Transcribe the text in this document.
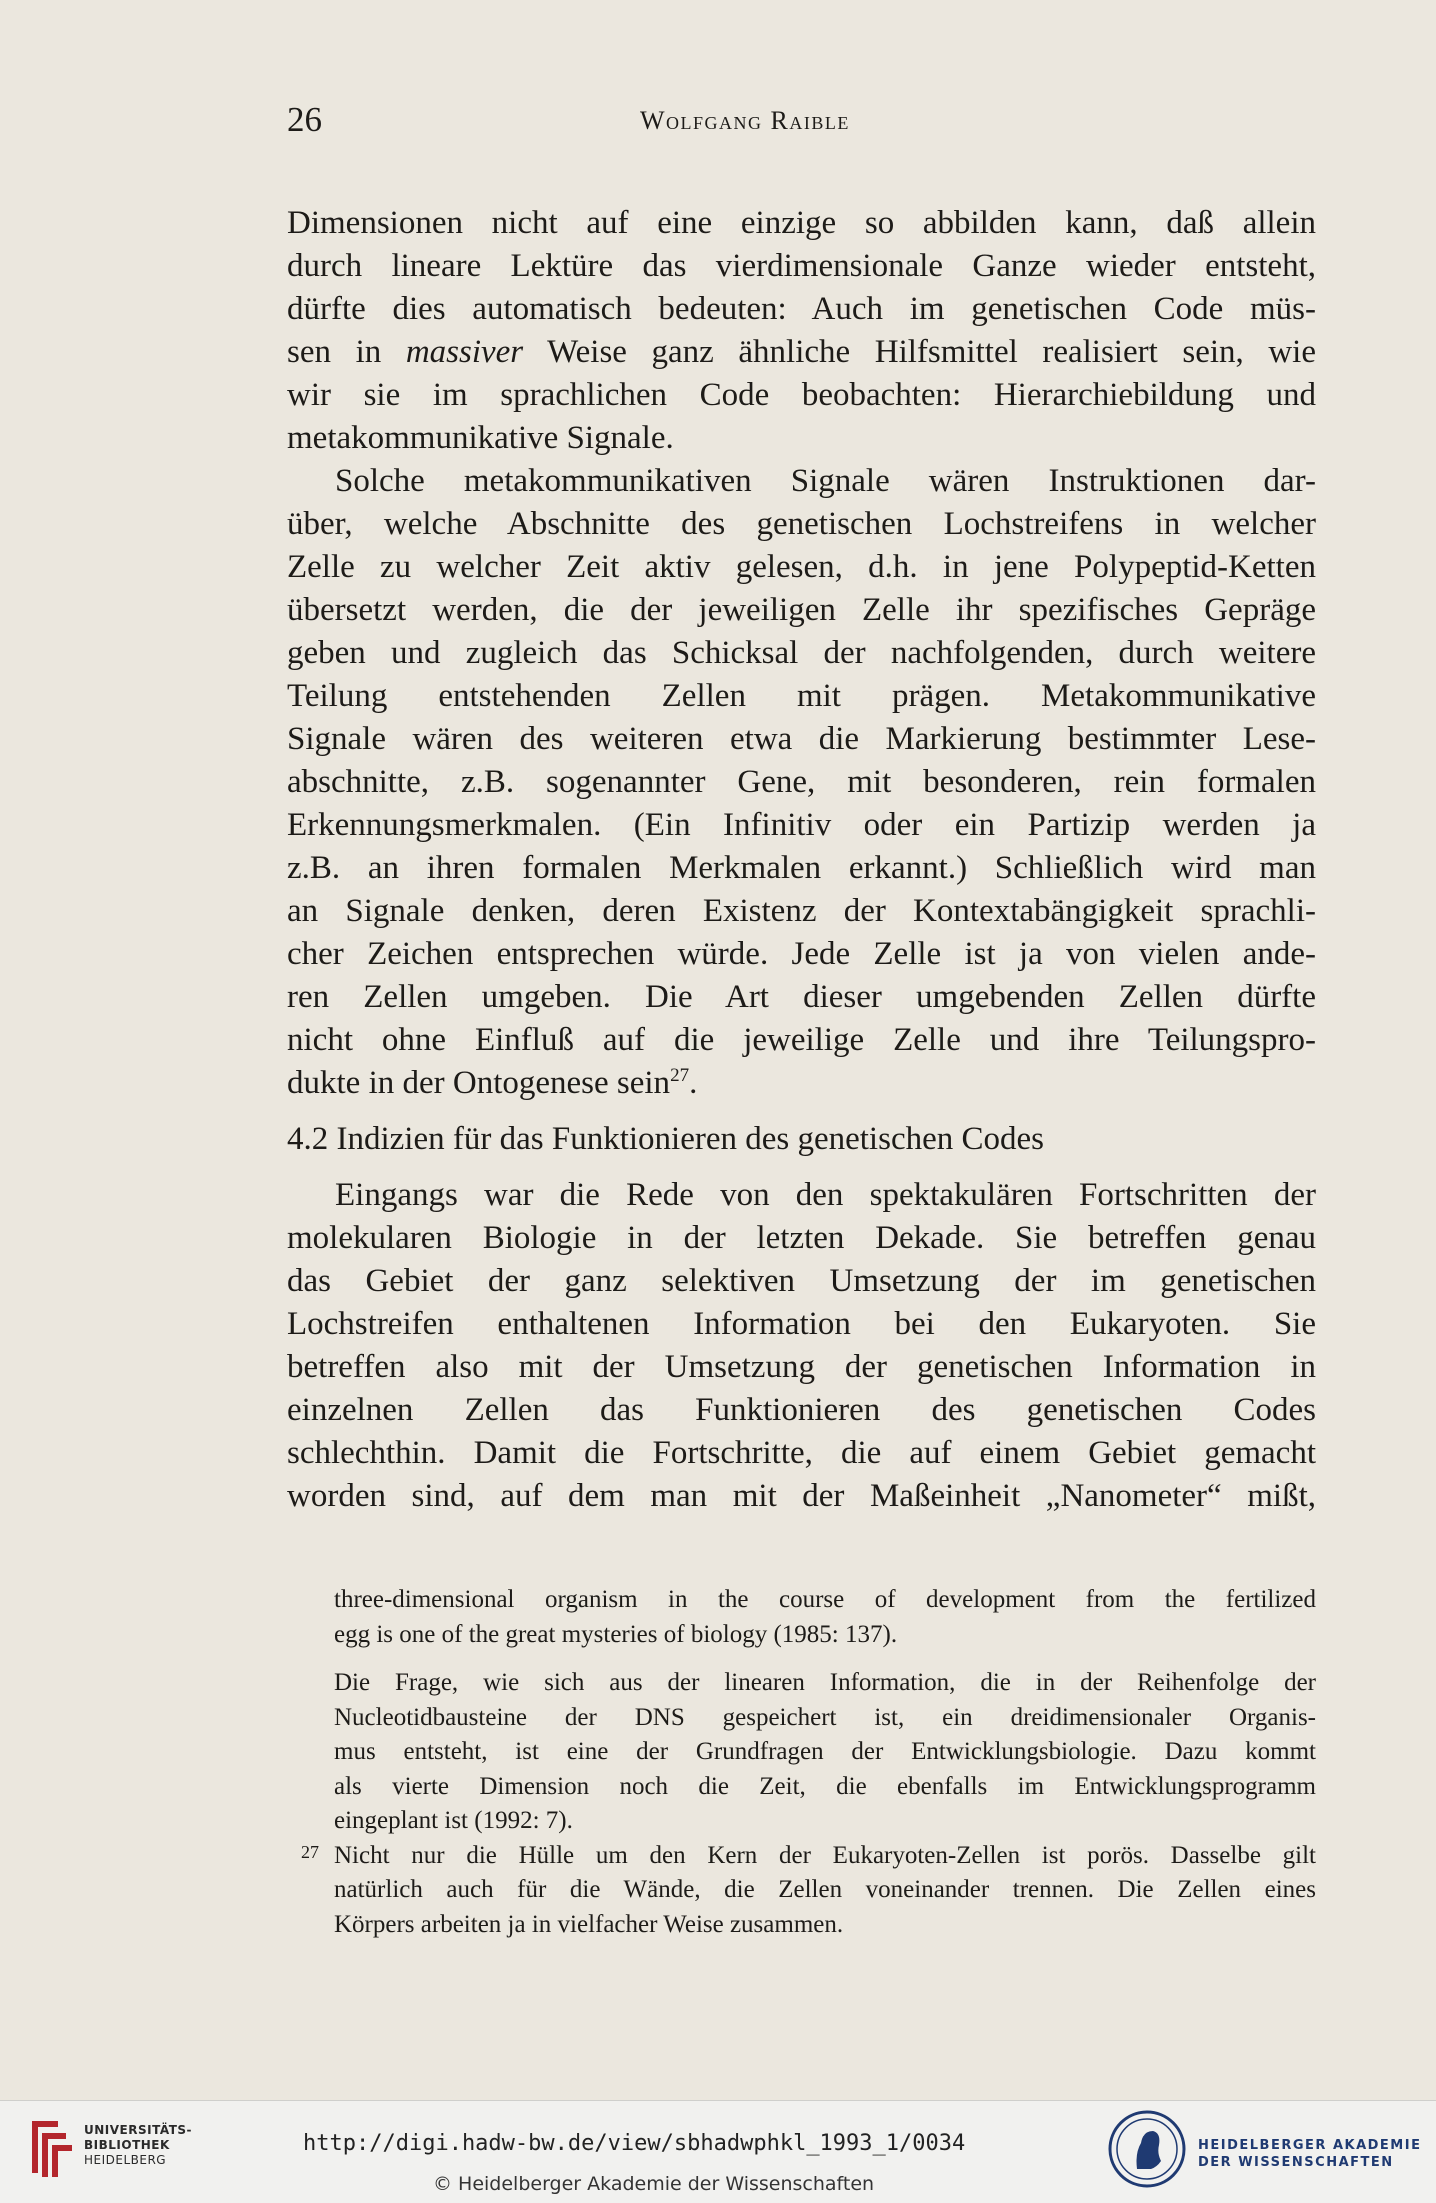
26	Wolfgang Raible
Dimensionen nicht auf eine einzige so abbilden kann, daß allein
durch lineare Lektüre das vierdimensionale Ganze wieder entsteht,
dürfte dies automatisch bedeuten: Auch im genetischen Code müs-
sen in massiver Weise ganz ähnliche Hilfsmittel realisiert sein, wie
wir sie im sprachlichen Code beobachten: Hierarchiebildung und
metakommunikative Signale.
Solche metakommunikativen Signale wären Instruktionen dar-
über, welche Abschnitte des genetischen Lochstreifens in welcher
Zelle zu welcher Zeit aktiv gelesen, d.h. in jene Polypeptid-Ketten
übersetzt werden, die der jeweiligen Zelle ihr spezifisches Gepräge
geben und zugleich das Schicksal der nachfolgenden, durch weitere
Teilung entstehenden Zellen mit prägen. Metakommunikative
Signale wären des weiteren etwa die Markierung bestimmter Lese-
abschnitte, z.B. sogenannter Gene, mit besonderen, rein formalen
Erkennungsmerkmalen. (Ein Infinitiv oder ein Partizip werden ja
z.B. an ihren formalen Merkmalen erkannt.) Schließlich wird man
an Signale denken, deren Existenz der Kontextabängigkeit sprachli-
cher Zeichen entsprechen würde. Jede Zelle ist ja von vielen ande-
ren Zellen umgeben. Die Art dieser umgebenden Zellen dürfte
nicht ohne Einfluß auf die jeweilige Zelle und ihre Teilungspro-
dukte in der Ontogenese sein$^{27}$.
4.2 Indizien für das Funktionieren des genetischen Codes
Eingangs war die Rede von den spektakulären Fortschritten der
molekularen Biologie in der letzten Dekade. Sie betreffen genau
das Gebiet der ganz selektiven Umsetzung der im genetischen
Lochstreifen enthaltenen Information bei den Eukaryoten. Sie
betreffen also mit der Umsetzung der genetischen Information in
einzelnen Zellen das Funktionieren des genetischen Codes
schlechthin. Damit die Fortschritte, die auf einem Gebiet gemacht
worden sind, auf dem man mit der Maßeinheit „Nanometer“ mißt,
three-dimensional organism in the course of development from the fertilized
egg is one of the great mysteries of biology (1985: 137).
Die Frage, wie sich aus der linearen Information, die in der Reihenfolge der
Nucleotidbausteine der DNS gespeichert ist, ein dreidimensionaler Organis-
mus entsteht, ist eine der Grundfragen der Entwicklungsbiologie. Dazu kommt
als vierte Dimension noch die Zeit, die ebenfalls im Entwicklungsprogramm
eingeplant ist (1992: 7).
27 Nicht nur die Hülle um den Kern der Eukaryoten-Zellen ist porös. Dasselbe gilt
natürlich auch für die Wände, die Zellen voneinander trennen. Die Zellen eines
Körpers arbeiten ja in vielfacher Weise zusammen.
UNIVERSITÄTS-
BIBLIOTHEK
HEIDELBERG
http://digi.hadw-bw.de/view/sbhadwphkl_1993_1/0034
© Heidelberger Akademie der Wissenschaften
HEIDELBERGER AKADEMIE
DER WISSENSCHAFTEN
